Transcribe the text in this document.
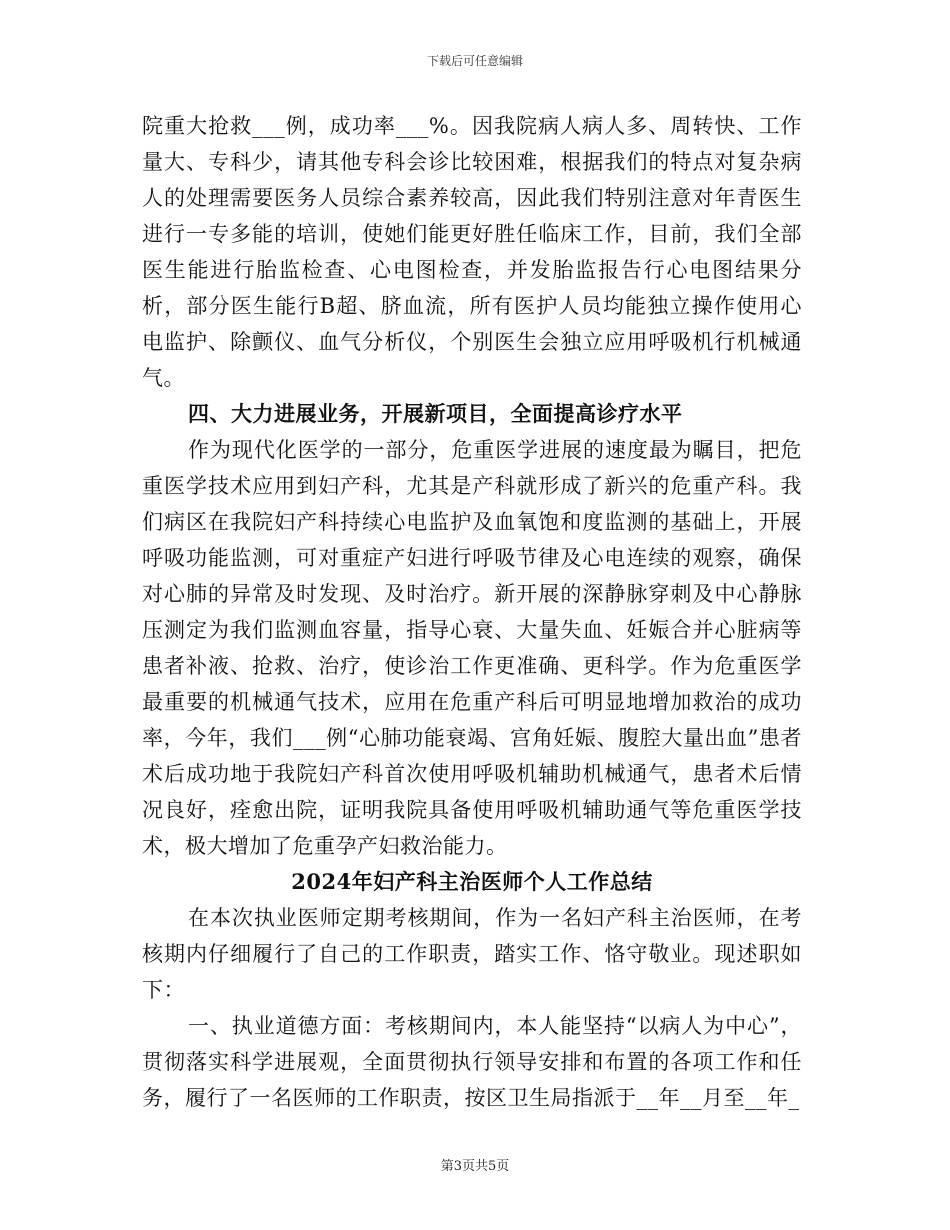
下载后可任意编辑

院重大抢救___例，成功率___%。因我院病人病人多、周转快、工作量大、专科少，请其他专科会诊比较困难，根据我们的特点对复杂病人的处理需要医务人员综合素养较高，因此我们特别注意对年青医生进行一专多能的培训，使她们能更好胜任临床工作，目前，我们全部医生能进行胎监检查、心电图检查，并发胎监报告行心电图结果分析，部分医生能行B超、脐血流，所有医护人员均能独立操作使用心电监护、除颤仪、血气分析仪，个别医生会独立应用呼吸机行机械通气。

四、大力进展业务，开展新项目，全面提高诊疗水平

作为现代化医学的一部分，危重医学进展的速度最为瞩目，把危重医学技术应用到妇产科，尤其是产科就形成了新兴的危重产科。我们病区在我院妇产科持续心电监护及血氧饱和度监测的基础上，开展呼吸功能监测，可对重症产妇进行呼吸节律及心电连续的观察，确保对心肺的异常及时发现、及时治疗。新开展的深静脉穿刺及中心静脉压测定为我们监测血容量，指导心衰、大量失血、妊娠合并心脏病等患者补液、抢救、治疗，使诊治工作更准确、更科学。作为危重医学最重要的机械通气技术，应用在危重产科后可明显地增加救治的成功率，今年，我们___例“心肺功能衰竭、宫角妊娠、腹腔大量出血”患者术后成功地于我院妇产科首次使用呼吸机辅助机械通气，患者术后情况良好，痊愈出院，证明我院具备使用呼吸机辅助通气等危重医学技术，极大增加了危重孕产妇救治能力。

2024年妇产科主治医师个人工作总结

在本次执业医师定期考核期间，作为一名妇产科主治医师，在考核期内仔细履行了自己的工作职责，踏实工作、恪守敬业。现述职如下：

一、执业道德方面：考核期间内，本人能坚持“以病人为中心”，贯彻落实科学进展观，全面贯彻执行领导安排和布置的各项工作和任务，履行了一名医师的工作职责，按区卫生局指派于__年__月至__年_

第3页共5页
